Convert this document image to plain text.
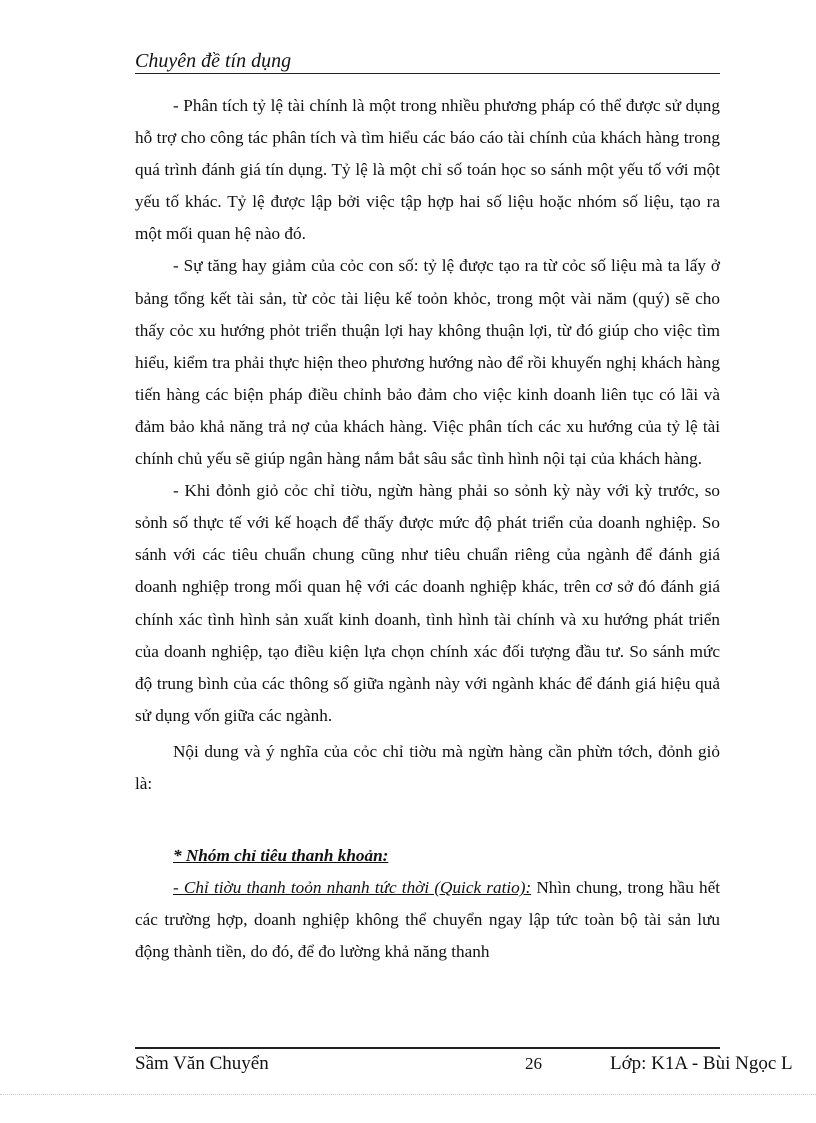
Chuyên đề tín dụng

- Phân tích tỷ lệ tài chính là một trong nhiều phương pháp có thể được sử dụng hỗ trợ cho công tác phân tích và tìm hiểu các báo cáo tài chính của khách hàng trong quá trình đánh giá tín dụng. Tỷ lệ là một chỉ số toán học so sánh một yếu tố với một yếu tố khác. Tỷ lệ được lập bởi việc tập hợp hai số liệu hoặc nhóm số liệu, tạo ra một mối quan hệ nào đó.

- Sự tăng hay giảm của cỏc con số: tỷ lệ được tạo ra từ cỏc số liệu mà ta lấy ở bảng tổng kết tài sản, từ cỏc tài liệu kế toỏn khỏc, trong một vài năm (quý) sẽ cho thấy cỏc xu hướng phỏt triển thuận lợi hay không thuận lợi, từ đó giúp cho việc tìm hiểu, kiểm tra phải thực hiện theo phương hướng nào để rồi khuyến nghị khách hàng tiến hàng các biện pháp điều chỉnh bảo đảm cho việc kinh doanh liên tục có lãi và đảm bảo khả năng trả nợ của khách hàng. Việc phân tích các xu hướng của tỷ lệ tài chính chủ yếu sẽ giúp ngân hàng nắm bắt sâu sắc tình hình nội tại của khách hàng.

- Khi đỏnh giỏ cỏc chỉ tiờu, ngừn hàng phải so sỏnh kỳ này với kỳ trước, so sỏnh số thực tế với kế hoạch để thấy được mức độ phát triển của doanh nghiệp. So sánh với các tiêu chuẩn chung cũng như tiêu chuẩn riêng của ngành để đánh giá doanh nghiệp trong mối quan hệ với các doanh nghiệp khác, trên cơ sở đó đánh giá chính xác tình hình sản xuất kinh doanh, tình hình tài chính và xu hướng phát triển của doanh nghiệp, tạo điều kiện lựa chọn chính xác đối tượng đầu tư. So sánh mức độ trung bình của các thông số giữa ngành này với ngành khác để đánh giá hiệu quả sử dụng vốn giữa các ngành.

Nội dung và ý nghĩa của cỏc chỉ tiờu mà ngừn hàng cần phừn tớch, đỏnh giỏ là:

* Nhóm chỉ tiêu thanh khoản:

- Chỉ tiờu thanh toỏn nhanh tức thời (Quick ratio): Nhìn chung, trong hầu hết các trường hợp, doanh nghiệp không thể chuyển ngay lập tức toàn bộ tài sản lưu động thành tiền, do đó, để đo lường khả năng thanh

Sầm Văn Chuyển	26	Lớp: K1A - Bùi Ngọc L
